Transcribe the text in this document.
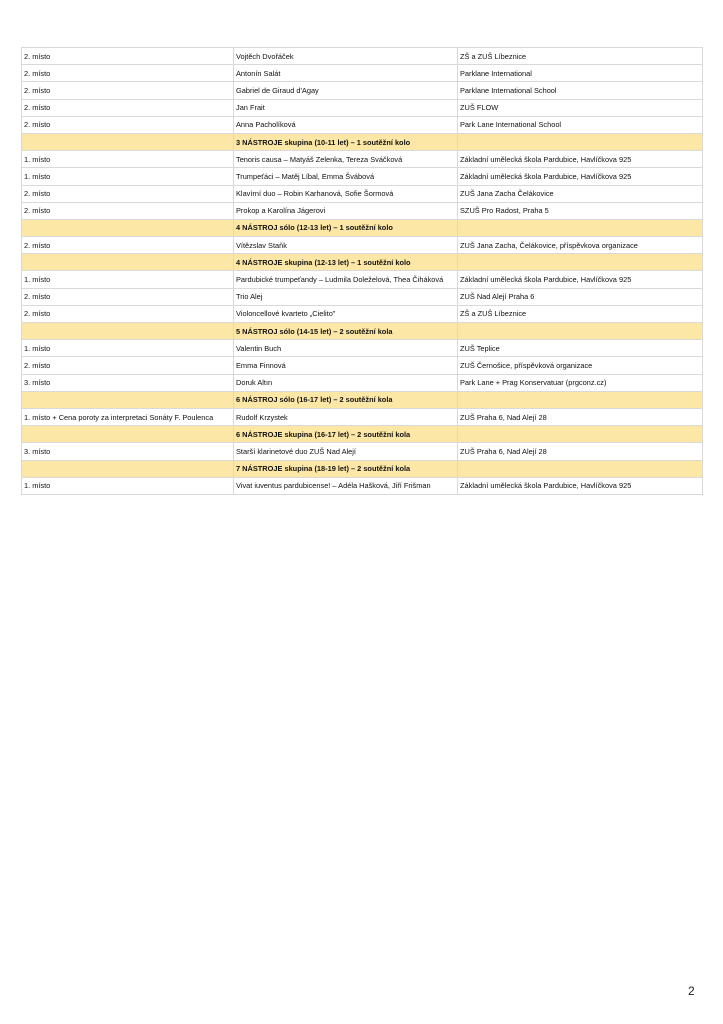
2. místo	Vojtěch Dvořáček	ZŠ a ZUŠ Líbeznice
2. místo	Antonín Salát	Parklane International
2. místo	Gabriel de Giraud d'Agay	Parklane International School
2. místo	Jan Frait	ZUŠ FLOW
2. místo	Anna Pacholíková	Park Lane International School
	3 NÁSTROJE skupina (10-11 let) – 1 soutěžní kolo	
1. místo	Tenoris causa – Matyáš Zelenka, Tereza Sváčková	Základní umělecká škola Pardubice, Havlíčkova 925
1. místo	Trumpeťáci – Matěj Líbal, Emma Švábová	Základní umělecká škola Pardubice, Havlíčkova 925
2. místo	Klavírní duo – Robin Karhanová, Sofie Šormová	ZUŠ Jana Zacha Čelákovice
2. místo	Prokop a Karolína Jágerovi	SZUŠ Pro Radost, Praha 5
	4 NÁSTROJ sólo (12-13 let) – 1 soutěžní kolo	
2. místo	Vítězslav Staňk	ZUŠ Jana Zacha, Čelákovice, příspěvkova organizace
	4 NÁSTROJE skupina (12-13 let) – 1 soutěžní kolo	
1. místo	Pardubické trumpeťandy – Ludmila Doleželová, Thea Čiháková	Základní umělecká škola Pardubice, Havlíčkova 925
2. místo	Trio Alej	ZUŠ Nad Alejí Praha 6
2. místo	Violoncellové kvarteto „Cielito"	ZŠ a ZUŠ Líbeznice
	5 NÁSTROJ sólo (14-15 let) – 2 soutěžní kola	
1. místo	Valentin Buch	ZUŠ Teplice
2. místo	Emma Finnová	ZUŠ Černošice, příspěvková organizace
3. místo	Doruk Altın	Park Lane + Prag Konservatuar (prgconz.cz)
	6 NÁSTROJ sólo (16-17 let) – 2 soutěžní kola	
1. místo + Cena poroty za interpretaci Sonáty F. Poulenca	Rudolf Krzystek	ZUŠ Praha 6, Nad Alejí 28
	6 NÁSTROJE skupina (16-17 let) – 2 soutěžní kola	
3. místo	Starší klarinetové duo ZUŠ Nad Alejí	ZUŠ Praha 6, Nad Alejí 28
	7 NÁSTROJE skupina (18-19 let) – 2 soutěžní kola	
1. místo	Vivat iuventus pardubicense! – Adéla Hašková, Jiří Frišman	Základní umělecká škola Pardubice, Havlíčkova 925
2
